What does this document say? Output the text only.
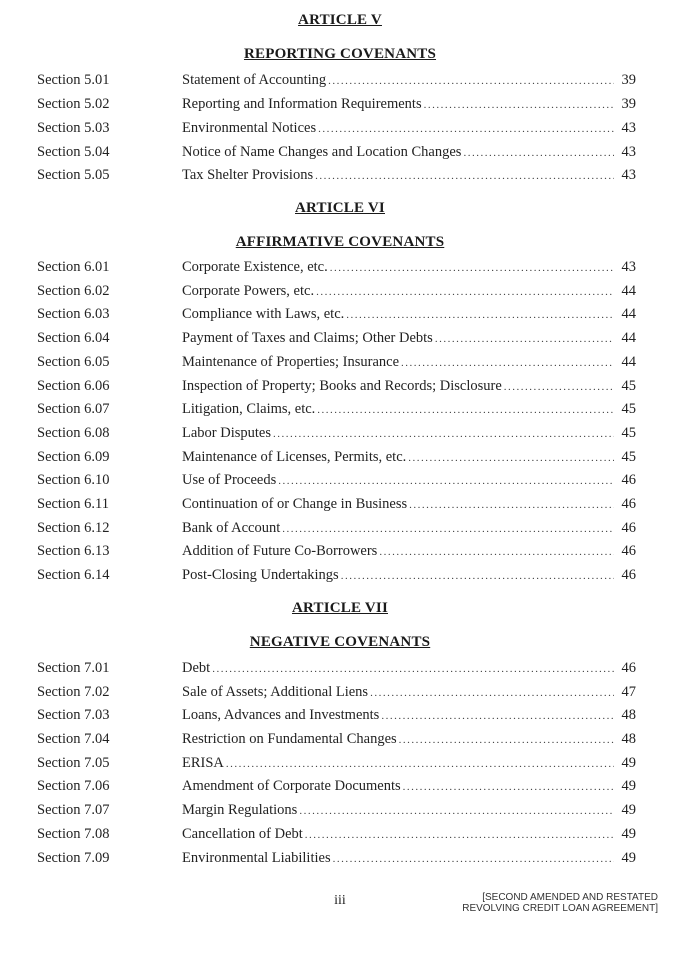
ARTICLE V
REPORTING COVENANTS
Section 5.01	Statement of Accounting .....	39
Section 5.02	Reporting and Information Requirements .....	39
Section 5.03	Environmental Notices .....	43
Section 5.04	Notice of Name Changes and Location Changes .....	43
Section 5.05	Tax Shelter Provisions .....	43
ARTICLE VI
AFFIRMATIVE COVENANTS
Section 6.01	Corporate Existence, etc. .....	43
Section 6.02	Corporate Powers, etc. .....	44
Section 6.03	Compliance with Laws, etc. .....	44
Section 6.04	Payment of Taxes and Claims; Other Debts .....	44
Section 6.05	Maintenance of Properties; Insurance .....	44
Section 6.06	Inspection of Property; Books and Records; Disclosure .....	45
Section 6.07	Litigation, Claims, etc. .....	45
Section 6.08	Labor Disputes .....	45
Section 6.09	Maintenance of Licenses, Permits, etc. .....	45
Section 6.10	Use of Proceeds .....	46
Section 6.11	Continuation of or Change in Business .....	46
Section 6.12	Bank of Account .....	46
Section 6.13	Addition of Future Co-Borrowers .....	46
Section 6.14	Post-Closing Undertakings .....	46
ARTICLE VII
NEGATIVE COVENANTS
Section 7.01	Debt .....	46
Section 7.02	Sale of Assets; Additional Liens .....	47
Section 7.03	Loans, Advances and Investments .....	48
Section 7.04	Restriction on Fundamental Changes .....	48
Section 7.05	ERISA .....	49
Section 7.06	Amendment of Corporate Documents .....	49
Section 7.07	Margin Regulations .....	49
Section 7.08	Cancellation of Debt .....	49
Section 7.09	Environmental Liabilities .....	49
iii	[SECOND AMENDED AND RESTATED
REVOLVING CREDIT LOAN AGREEMENT]
